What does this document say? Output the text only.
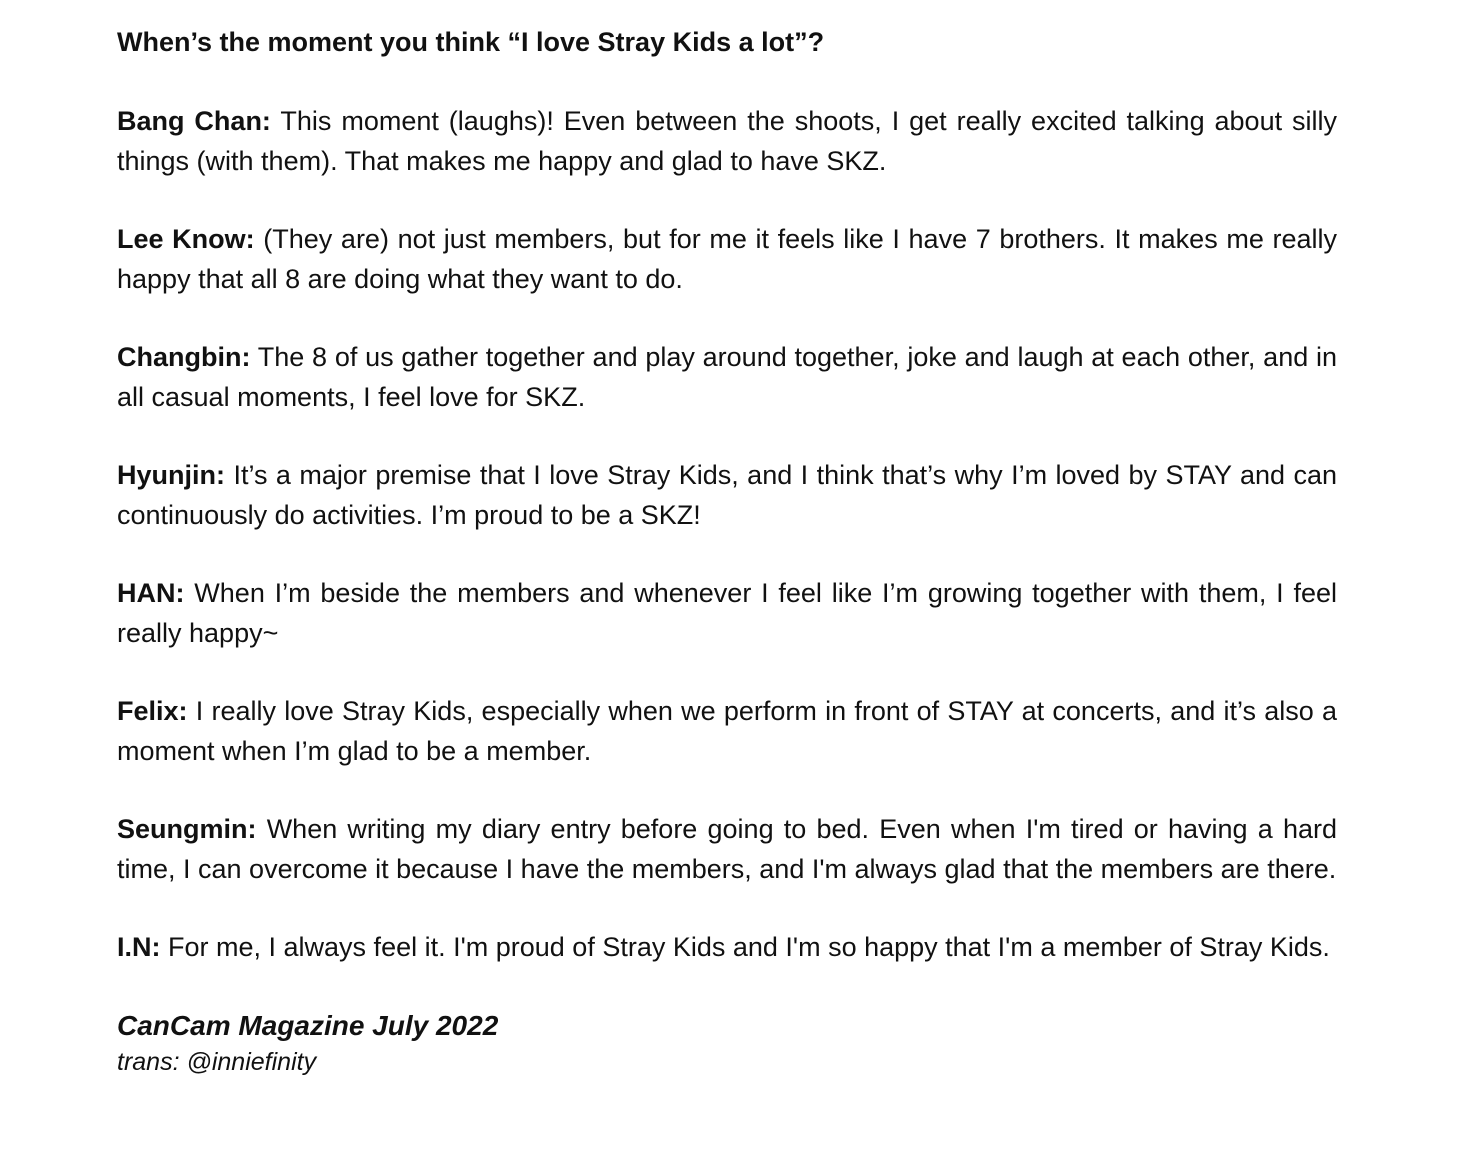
When’s the moment you think “I love Stray Kids a lot”?

Bang Chan: This moment (laughs)! Even between the shoots, I get really excited talking about silly things (with them). That makes me happy and glad to have SKZ.

Lee Know: (They are) not just members, but for me it feels like I have 7 brothers. It makes me really happy that all 8 are doing what they want to do.

Changbin: The 8 of us gather together and play around together, joke and laugh at each other, and in all casual moments, I feel love for SKZ.

Hyunjin: It’s a major premise that I love Stray Kids, and I think that’s why I’m loved by STAY and can continuously do activities. I’m proud to be a SKZ!

HAN: When I’m beside the members and whenever I feel like I’m growing together with them, I feel really happy~

Felix: I really love Stray Kids, especially when we perform in front of STAY at concerts, and it’s also a moment when I’m glad to be a member.

Seungmin: When writing my diary entry before going to bed. Even when I'm tired or having a hard time, I can overcome it because I have the members, and I'm always glad that the members are there.

I.N: For me, I always feel it. I'm proud of Stray Kids and I'm so happy that I'm a member of Stray Kids.

CanCam Magazine July 2022

trans: @inniefinity
